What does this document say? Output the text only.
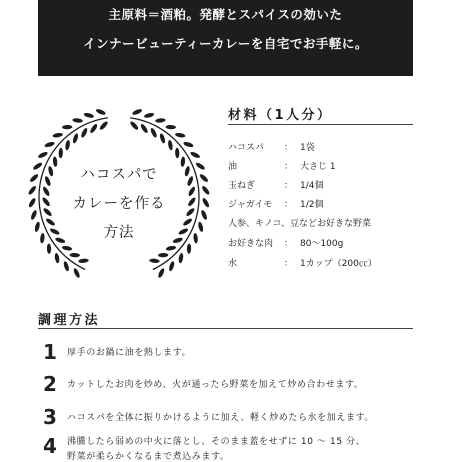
主原料＝酒粕。発酵とスパイスの効いた
インナービューティーカレーを自宅でお手軽に。
ハコスパで
カレーを作る
方法
材料（1人分）
ハコスパ ： 1袋
油	： 大さじ 1
玉ねぎ	： 1/4個
ジャガイモ ： 1/2個
人参、キノコ、豆などお好きな野菜
お好きな肉 ： 80〜100g
水	： 1カップ（200㏄）
調理方法
1 厚手のお鍋に油を熱します。
2 カットしたお肉を炒め、火が通ったら野菜を加えて炒め合わせます。
3 ハコスパを全体に振りかけるように加え、軽く炒めたら水を加えます。
4 沸騰したら弱めの中火に落とし、そのまま蓋をせずに 10 〜 15 分、
野菜が柔らかくなるまで煮込みます。
